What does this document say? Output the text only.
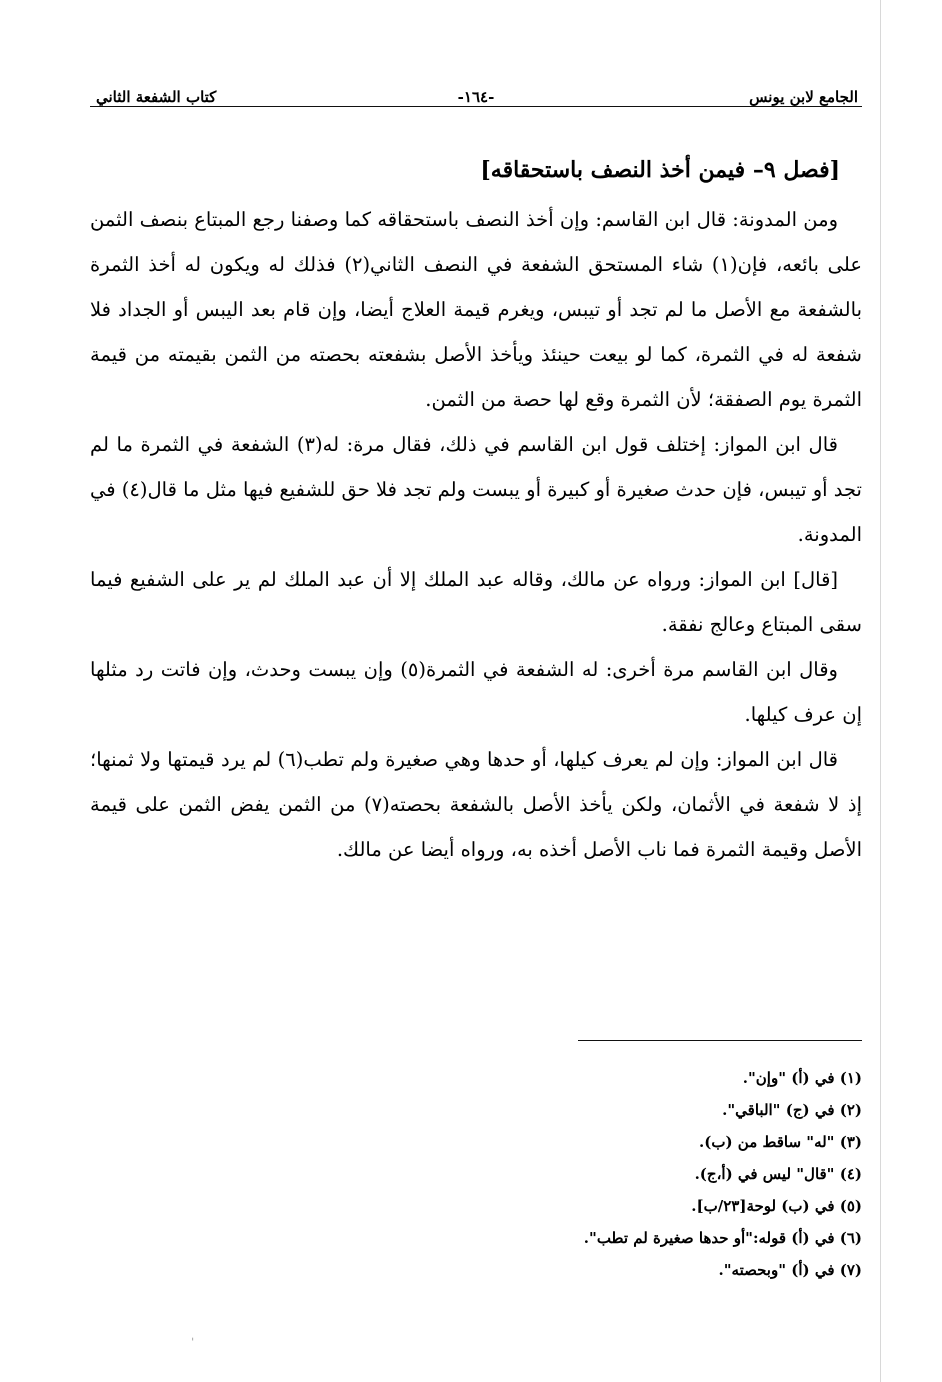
الجامع لابن يونس
-١٦٤-
كتاب الشفعة الثاني
[فصل ٩– فيمن أخذ النصف باستحقاقه]

ومن المدونة: قال ابن القاسم: وإن أخذ النصف باستحقاقه كما وصفنا رجع المبتاع بنصف الثمن على بائعه، فإن(١) شاء المستحق الشفعة في النصف الثاني(٢) فذلك له ويكون له أخذ الثمرة بالشفعة مع الأصل ما لم تجد أو تيبس، ويغرم قيمة العلاج أيضا، وإن قام بعد اليبس أو الجداد فلا شفعة له في الثمرة، كما لو بيعت حينئذ ويأخذ الأصل بشفعته بحصته من الثمن بقيمته من قيمة الثمرة يوم الصفقة؛ لأن الثمرة وقع لها حصة من الثمن.

قال ابن المواز: إختلف قول ابن القاسم في ذلك، فقال مرة: له(٣) الشفعة في الثمرة ما لم تجد أو تيبس، فإن حدث صغيرة أو كبيرة أو يبست ولم تجد فلا حق للشفيع فيها مثل ما قال(٤) في المدونة.

[قال] ابن المواز: ورواه عن مالك، وقاله عبد الملك إلا أن عبد الملك لم ير على الشفيع فيما سقى المبتاع وعالج نفقة.

وقال ابن القاسم مرة أخرى: له الشفعة في الثمرة(٥) وإن يبست وحدث، وإن فاتت رد مثلها إن عرف كيلها.

قال ابن المواز: وإن لم يعرف كيلها، أو حدها وهي صغيرة ولم تطب(٦) لم يرد قيمتها ولا ثمنها؛ إذ لا شفعة في الأثمان، ولكن يأخذ الأصل بالشفعة بحصته(٧) من الثمن يفض الثمن على قيمة الأصل وقيمة الثمرة فما ناب الأصل أخذه به، ورواه أيضا عن مالك.

(١) في (أ) "وإن".
(٢) في (ج) "الباقي".
(٣) "له" ساقط من (ب).
(٤) "قال" ليس في (أ،ج).
(٥) في (ب) لوحة[٢٣/ب].
(٦) في (أ) قوله:"أو حدها صغيرة لم تطب".
(٧) في (أ) "وبحصته".
ˈ
